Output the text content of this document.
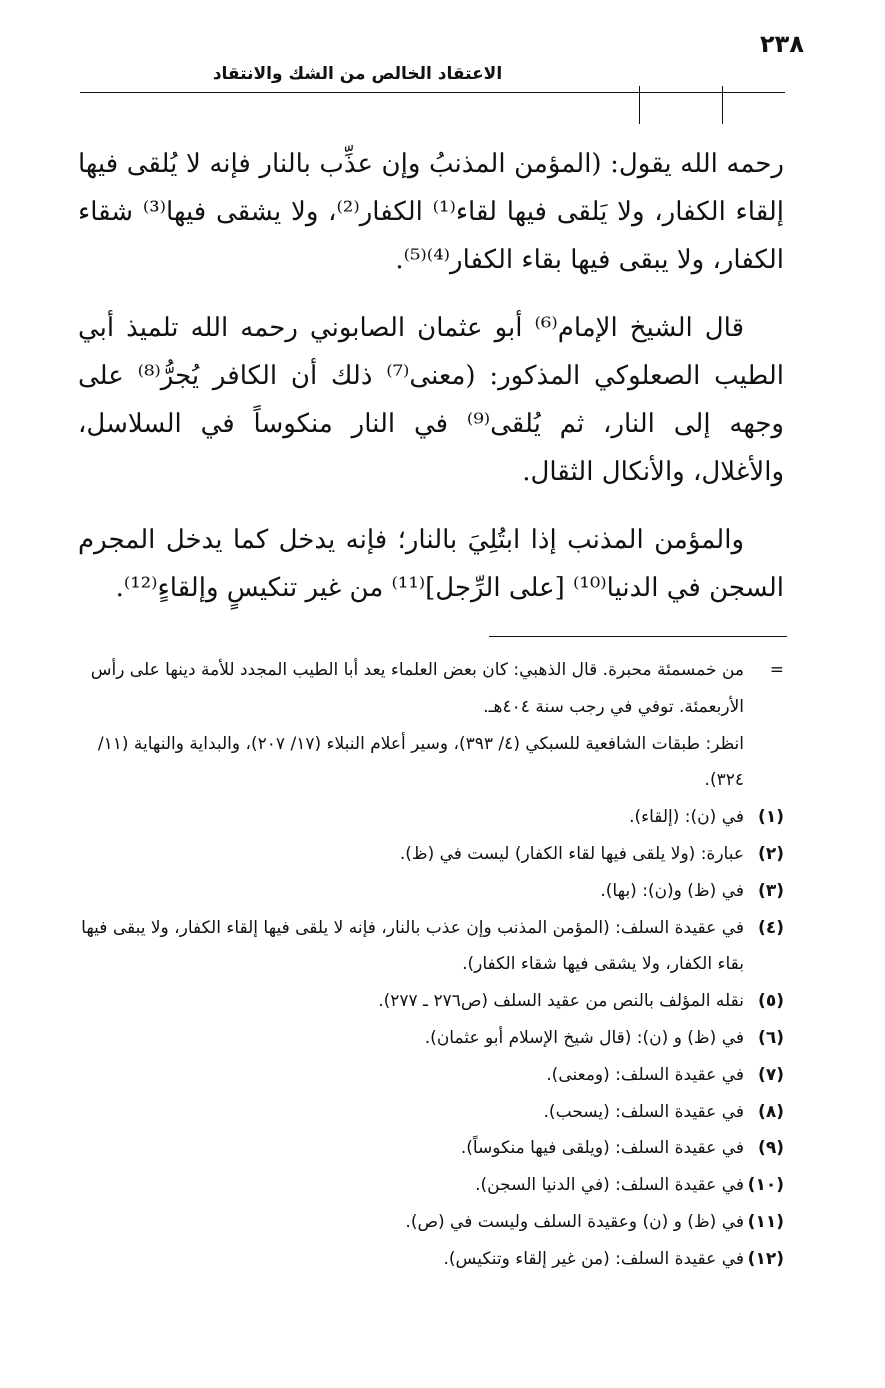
الاعتقاد الخالص من الشك والانتقاد
٢٣٨

رحمه الله يقول: (المؤمن المذنبُ وإن عذِّب بالنار فإنه لا يُلقى فيها إلقاء الكفار، ولا يَلقى فيها لقاء⁽¹⁾ الكفار⁽²⁾، ولا يشقى فيها⁽³⁾ شقاء الكفار، ولا يبقى فيها بقاء الكفار⁽⁴⁾⁽⁵⁾.

قال الشيخ الإمام⁽⁶⁾ أبو عثمان الصابوني رحمه الله تلميذ أبي الطيب الصعلوكي المذكور: (معنى⁽⁷⁾ ذلك أن الكافر يُجرُّ⁽⁸⁾ على وجهه إلى النار، ثم يُلقى⁽⁹⁾ في النار منكوساً في السلاسل، والأغلال، والأنكال الثقال.

والمؤمن المذنب إذا ابتُلِيَ بالنار؛ فإنه يدخل كما يدخل المجرم السجن في الدنيا⁽¹⁰⁾ [على الرِّجل]⁽¹¹⁾ من غير تنكيسٍ وإلقاءٍ⁽¹²⁾.

=
من خمسمئة محبرة. قال الذهبي: كان بعض العلماء يعد أبا الطيب المجدد للأمة دينها على رأس الأربعمئة. توفي في رجب سنة ٤٠٤هـ.

انظر: طبقات الشافعية للسبكي (٤/ ٣٩٣)، وسير أعلام النبلاء (١٧/ ٢٠٧)، والبداية والنهاية (١١/ ٣٢٤).

(١)
في (ن): (إلقاء).
(٢)
عبارة: (ولا يلقى فيها لقاء الكفار) ليست في (ظ).
(٣)
في (ظ) و(ن): (بها).
(٤)
في عقيدة السلف: (المؤمن المذنب وإن عذب بالنار، فإنه لا يلقى فيها إلقاء الكفار، ولا يبقى فيها بقاء الكفار، ولا يشقى فيها شقاء الكفار).
(٥)
نقله المؤلف بالنص من عقيد السلف (ص٢٧٦ ـ ٢٧٧).
(٦)
في (ظ) و (ن): (قال شيخ الإسلام أبو عثمان).
(٧)
في عقيدة السلف: (ومعنى).
(٨)
في عقيدة السلف: (يسحب).
(٩)
في عقيدة السلف: (ويلقى فيها منكوساً).
(١٠)
في عقيدة السلف: (في الدنيا السجن).
(١١)
في (ظ) و (ن) وعقيدة السلف وليست في (ص).
(١٢)
في عقيدة السلف: (من غير إلقاء وتنكيس).
